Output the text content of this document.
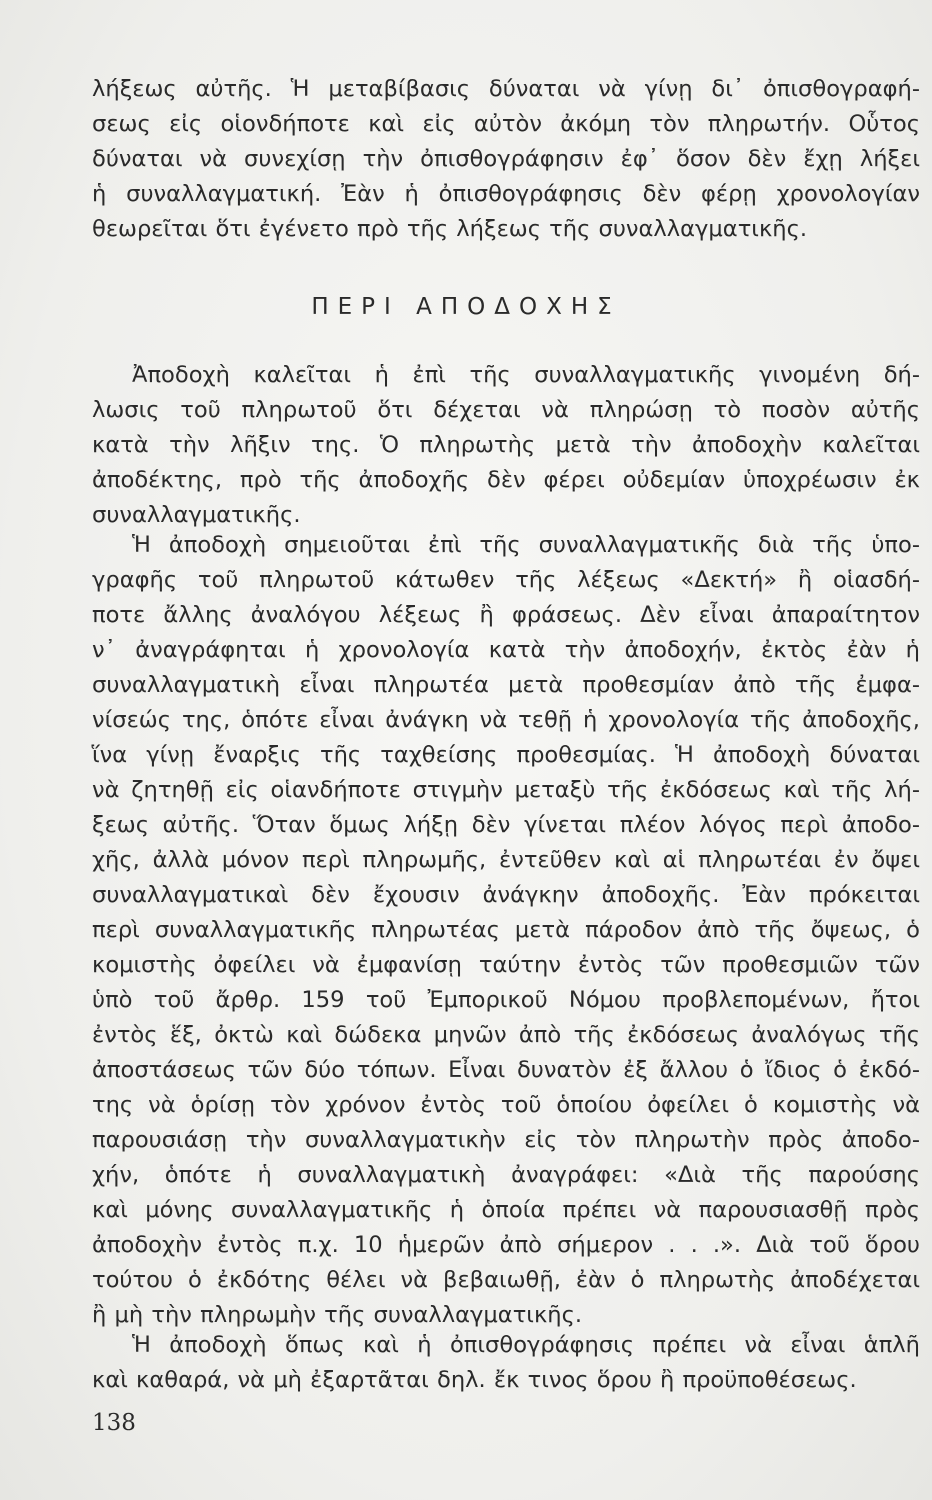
λήξεως αὐτῆς. Ἡ μεταβίβασις δύναται νὰ γίνῃ δι᾽ ὀπισθογραφή-
σεως εἰς οἱονδήποτε καὶ εἰς αὐτὸν ἀκόμη τὸν πληρωτήν. Οὗτος
δύναται νὰ συνεχίσῃ τὴν ὀπισθογράφησιν ἐφ᾽ ὅσον δὲν ἔχῃ λήξει
ἡ συναλλαγματική. Ἐὰν ἡ ὀπισθογράφησις δὲν φέρῃ χρονολογίαν
θεωρεῖται ὅτι ἐγένετο πρὸ τῆς λήξεως τῆς συναλλαγματικῆς.
ΠΕΡΙ ΑΠΟΔΟΧΗΣ
Ἀποδοχὴ καλεῖται ἡ ἐπὶ τῆς συναλλαγματικῆς γινομένη δή-
λωσις τοῦ πληρωτοῦ ὅτι δέχεται νὰ πληρώσῃ τὸ ποσὸν αὐτῆς
κατὰ τὴν λῆξιν της. Ὁ πληρωτὴς μετὰ τὴν ἀποδοχὴν καλεῖται
ἀποδέκτης, πρὸ τῆς ἀποδοχῆς δὲν φέρει οὐδεμίαν ὑποχρέωσιν ἐκ
συναλλαγματικῆς.
Ἡ ἀποδοχὴ σημειοῦται ἐπὶ τῆς συναλλαγματικῆς διὰ τῆς ὑπο-
γραφῆς τοῦ πληρωτοῦ κάτωθεν τῆς λέξεως «Δεκτή» ἢ οἱασδή-
ποτε ἄλλης ἀναλόγου λέξεως ἢ φράσεως. Δὲν εἶναι ἀπαραίτητον
ν᾽ ἀναγράφηται ἡ χρονολογία κατὰ τὴν ἀποδοχήν, ἐκτὸς ἐὰν ἡ
συναλλαγματικὴ εἶναι πληρωτέα μετὰ προθεσμίαν ἀπὸ τῆς ἐμφα-
νίσεώς της, ὁπότε εἶναι ἀνάγκη νὰ τεθῇ ἡ χρονολογία τῆς ἀποδοχῆς,
ἵνα γίνῃ ἔναρξις τῆς ταχθείσης προθεσμίας. Ἡ ἀποδοχὴ δύναται
νὰ ζητηθῇ εἰς οἱανδήποτε στιγμὴν μεταξὺ τῆς ἐκδόσεως καὶ τῆς λή-
ξεως αὐτῆς. Ὅταν ὅμως λήξῃ δὲν γίνεται πλέον λόγος περὶ ἀποδο-
χῆς, ἀλλὰ μόνον περὶ πληρωμῆς, ἐντεῦθεν καὶ αἱ πληρωτέαι ἐν ὄψει
συναλλαγματικαὶ δὲν ἔχουσιν ἀνάγκην ἀποδοχῆς. Ἐὰν πρόκειται
περὶ συναλλαγματικῆς πληρωτέας μετὰ πάροδον ἀπὸ τῆς ὄψεως, ὁ
κομιστὴς ὀφείλει νὰ ἐμφανίσῃ ταύτην ἐντὸς τῶν προθεσμιῶν τῶν
ὑπὸ τοῦ ἄρθρ. 159 τοῦ Ἐμπορικοῦ Νόμου προβλεπομένων, ἤτοι
ἐντὸς ἕξ, ὀκτὼ καὶ δώδεκα μηνῶν ἀπὸ τῆς ἐκδόσεως ἀναλόγως τῆς
ἀποστάσεως τῶν δύο τόπων. Εἶναι δυνατὸν ἐξ ἄλλου ὁ ἴδιος ὁ ἐκδό-
της νὰ ὁρίσῃ τὸν χρόνον ἐντὸς τοῦ ὁποίου ὀφείλει ὁ κομιστὴς νὰ
παρουσιάσῃ τὴν συναλλαγματικὴν εἰς τὸν πληρωτὴν πρὸς ἀποδο-
χήν, ὁπότε ἡ συναλλαγματικὴ ἀναγράφει: «Διὰ τῆς παρούσης
καὶ μόνης συναλλαγματικῆς ἡ ὁποία πρέπει νὰ παρουσιασθῇ πρὸς
ἀποδοχὴν ἐντὸς π.χ. 10 ἡμερῶν ἀπὸ σήμερον . . .». Διὰ τοῦ ὅρου
τούτου ὁ ἐκδότης θέλει νὰ βεβαιωθῇ, ἐὰν ὁ πληρωτὴς ἀποδέχεται
ἢ μὴ τὴν πληρωμὴν τῆς συναλλαγματικῆς.
Ἡ ἀποδοχὴ ὅπως καὶ ἡ ὀπισθογράφησις πρέπει νὰ εἶναι ἁπλῆ
καὶ καθαρά, νὰ μὴ ἐξαρτᾶται δηλ. ἔκ τινος ὅρου ἢ προϋποθέσεως.
138
